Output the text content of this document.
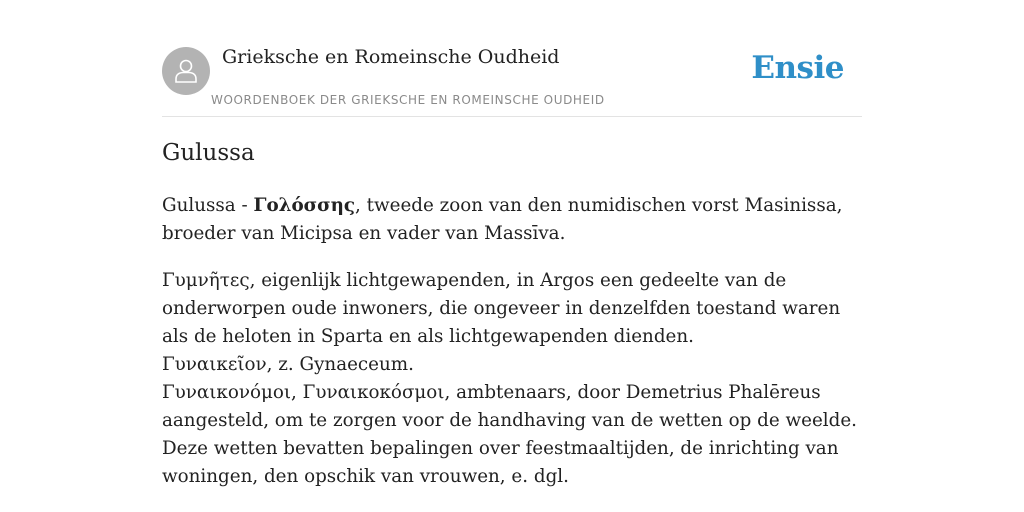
Grieksche en Romeinsche Oudheid
WOORDENBOEK DER GRIEKSCHE EN ROMEINSCHE OUDHEID
Ensie
Gulussa

Gulussa - Γολόσσης, tweede zoon van den numidischen vorst Masinissa, broeder van Micipsa en vader van Massīva.

Γυμνῆτες, eigenlijk lichtgewapenden, in Argos een gedeelte van de onderworpen oude inwoners, die ongeveer in denzelfden toestand waren als de heloten in Sparta en als lichtgewapenden dienden.
Γυναικεῖον, z. Gynaeceum.
Γυναικονόμοι, Γυναικοκόσμοι, ambtenaars, door Demetrius Phalēreus aangesteld, om te zorgen voor de handhaving van de wetten op de weelde. Deze wetten bevatten bepalingen over feestmaaltijden, de inrichting van woningen, den opschik van vrouwen, e. dgl.
